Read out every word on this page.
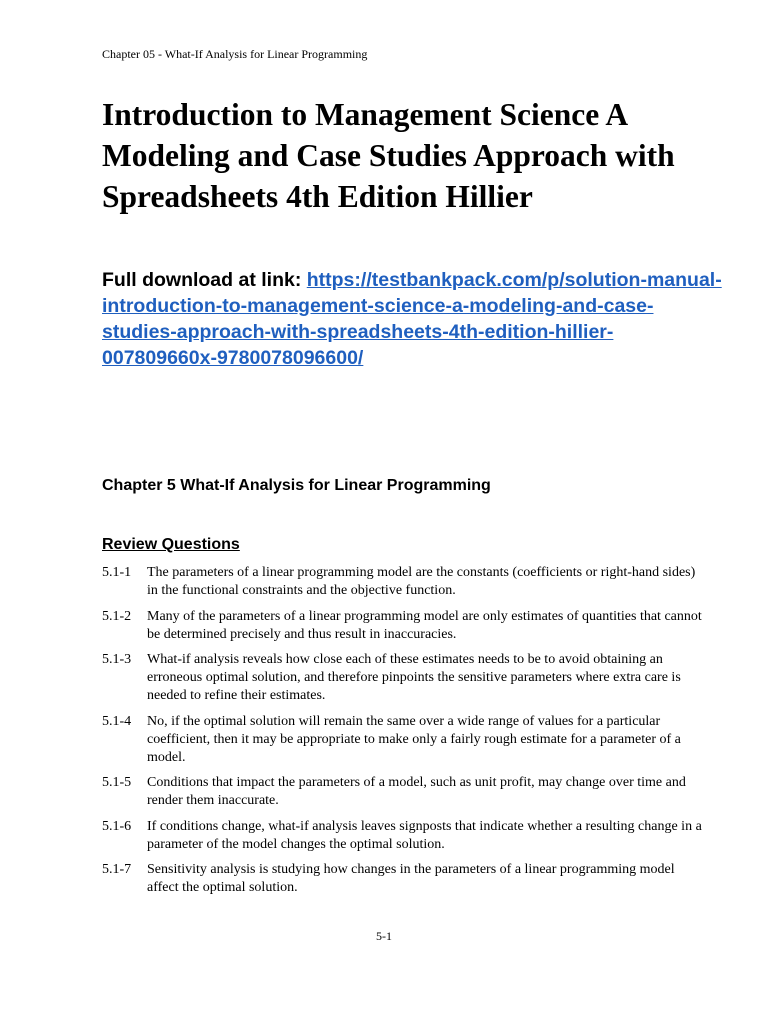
Chapter 05 - What-If Analysis for Linear Programming
Introduction to Management Science A Modeling and Case Studies Approach with Spreadsheets 4th Edition Hillier
Full download at link: https://testbankpack.com/p/solution-manual-introduction-to-management-science-a-modeling-and-case-studies-approach-with-spreadsheets-4th-edition-hillier-007809660x-9780078096600/
Chapter 5 What-If Analysis for Linear Programming
Review Questions
5.1-1	The parameters of a linear programming model are the constants (coefficients or right-hand sides) in the functional constraints and the objective function.
5.1-2	Many of the parameters of a linear programming model are only estimates of quantities that cannot be determined precisely and thus result in inaccuracies.
5.1-3	What-if analysis reveals how close each of these estimates needs to be to avoid obtaining an erroneous optimal solution, and therefore pinpoints the sensitive parameters where extra care is needed to refine their estimates.
5.1-4	No, if the optimal solution will remain the same over a wide range of values for a particular coefficient, then it may be appropriate to make only a fairly rough estimate for a parameter of a model.
5.1-5	Conditions that impact the parameters of a model, such as unit profit, may change over time and render them inaccurate.
5.1-6	If conditions change, what-if analysis leaves signposts that indicate whether a resulting change in a parameter of the model changes the optimal solution.
5.1-7	Sensitivity analysis is studying how changes in the parameters of a linear programming model affect the optimal solution.
5-1
